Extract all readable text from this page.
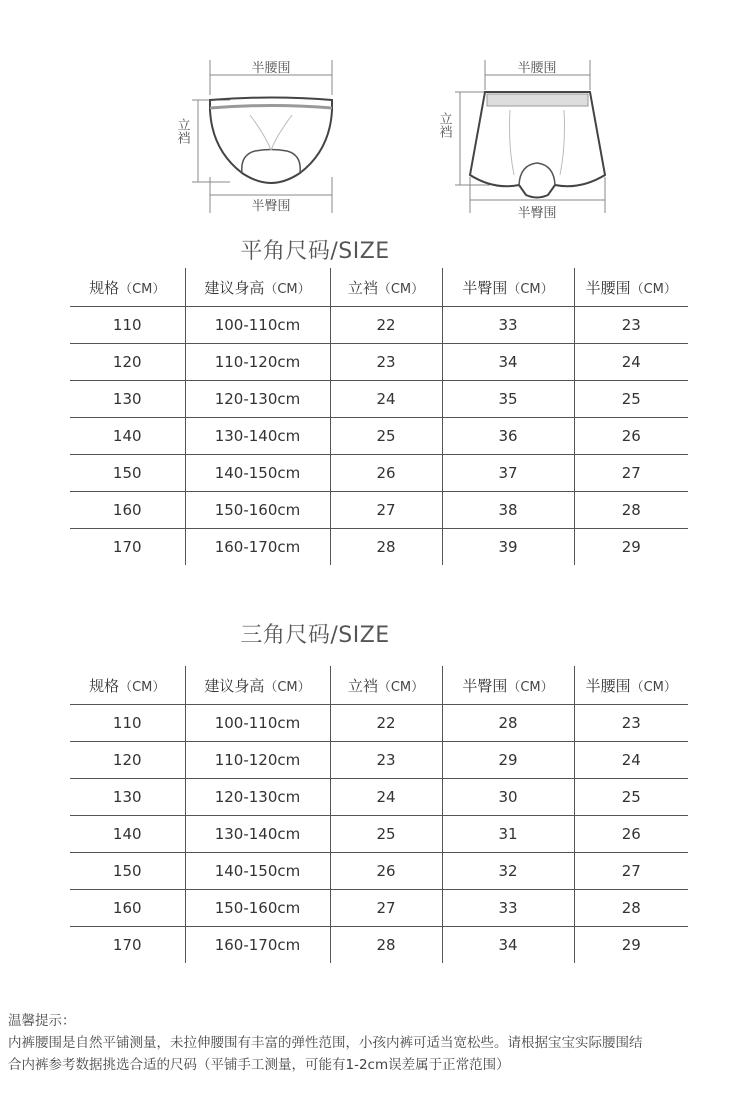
半腰围
立裆
半臀围
半腰围
立裆
半臀围
平角尺码/SIZE
规格（CM）	建议身高（CM）	立裆（CM）	半臀围（CM）	半腰围（CM）
110	100-110cm	22	33	23
120	110-120cm	23	34	24
130	120-130cm	24	35	25
140	130-140cm	25	36	26
150	140-150cm	26	37	27
160	150-160cm	27	38	28
170	160-170cm	28	39	29
三角尺码/SIZE
规格（CM）	建议身高（CM）	立裆（CM）	半臀围（CM）	半腰围（CM）
110	100-110cm	22	28	23
120	110-120cm	23	29	24
130	120-130cm	24	30	25
140	130-140cm	25	31	26
150	140-150cm	26	32	27
160	150-160cm	27	33	28
170	160-170cm	28	34	29
温馨提示：
内裤腰围是自然平铺测量，未拉伸腰围有丰富的弹性范围，小孩内裤可适当宽松些。请根据宝宝实际腰围结
合内裤参考数据挑选合适的尺码（平铺手工测量，可能有1-2cm误差属于正常范围）
